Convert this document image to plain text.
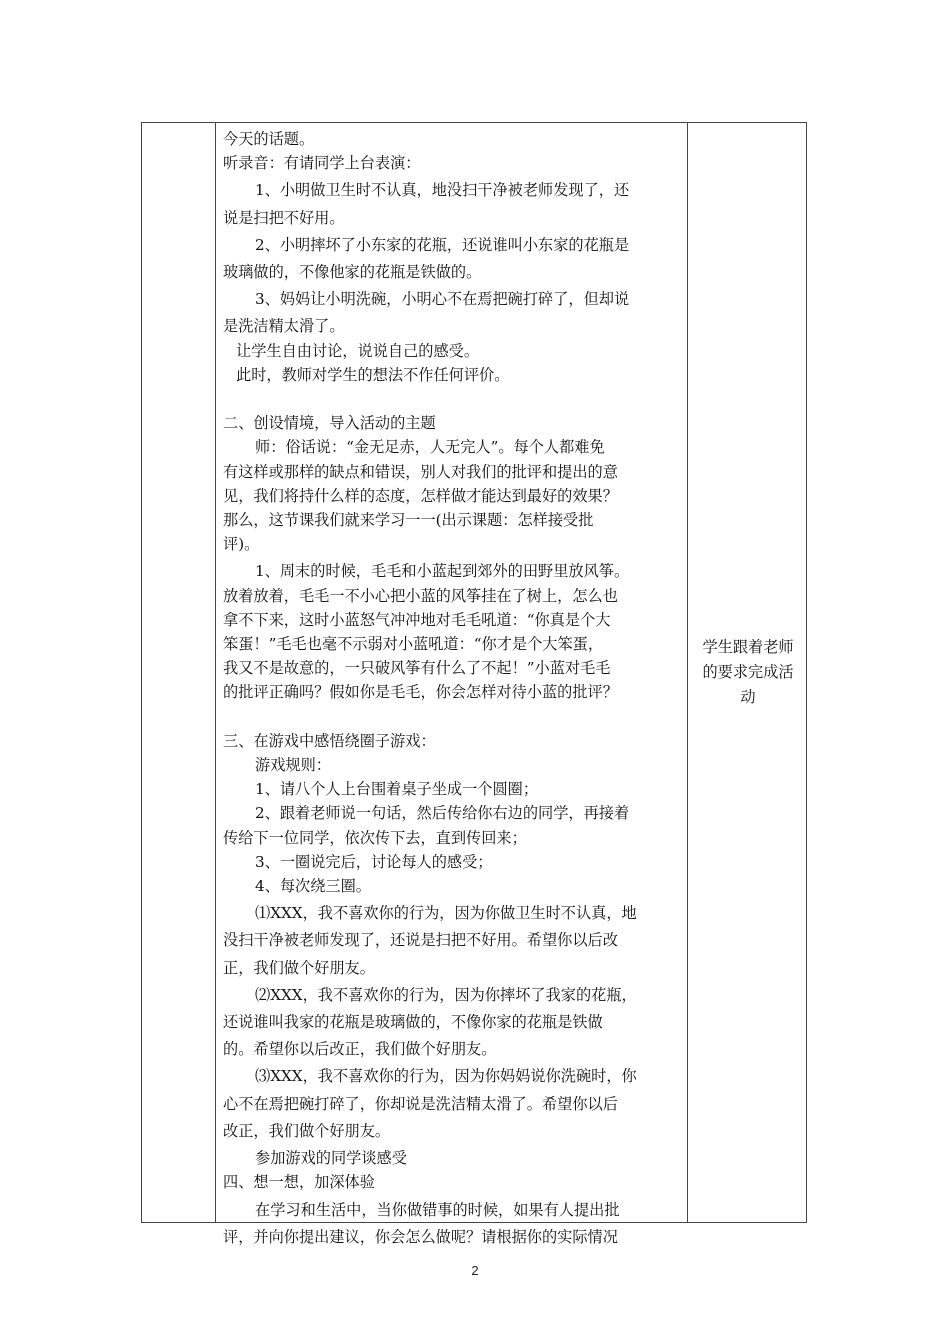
今天的话题。

听录音：有请同学上台表演：

1、小明做卫生时不认真，地没扫干净被老师发现了，还

说是扫把不好用。

2、小明摔坏了小东家的花瓶，还说谁叫小东家的花瓶是

玻璃做的，不像他家的花瓶是铁做的。

3、妈妈让小明洗碗，小明心不在焉把碗打碎了，但却说

是洗洁精太滑了。

让学生自由讨论，说说自己的感受。

此时，教师对学生的想法不作任何评价。

二、创设情境，导入活动的主题

师：俗话说：“金无足赤，人无完人”。每个人都难免

有这样或那样的缺点和错误，别人对我们的批评和提出的意

见，我们将持什么样的态度，怎样做才能达到最好的效果？

那么，这节课我们就来学习一一(出示课题：怎样接受批

评)。

1、周末的时候，毛毛和小蓝起到郊外的田野里放风筝。

放着放着，毛毛一不小心把小蓝的风筝挂在了树上，怎么也

拿不下来，这时小蓝怒气冲冲地对毛毛吼道：“你真是个大

笨蛋！”毛毛也毫不示弱对小蓝吼道：“你才是个大笨蛋，

我又不是故意的，一只破风筝有什么了不起！”小蓝对毛毛

的批评正确吗？假如你是毛毛，你会怎样对待小蓝的批评？

三、在游戏中感悟绕圈子游戏：

游戏规则：

1、请八个人上台围着桌子坐成一个圆圈；

2、跟着老师说一句话，然后传给你右边的同学，再接着

传给下一位同学，依次传下去，直到传回来；

3、一圈说完后，讨论每人的感受；

4、每次绕三圈。

⑴XXX，我不喜欢你的行为，因为你做卫生时不认真，地

没扫干净被老师发现了，还说是扫把不好用。希望你以后改

正，我们做个好朋友。

⑵XXX，我不喜欢你的行为，因为你摔坏了我家的花瓶，

还说谁叫我家的花瓶是玻璃做的，不像你家的花瓶是铁做

的。希望你以后改正，我们做个好朋友。

⑶XXX，我不喜欢你的行为，因为你妈妈说你洗碗时，你

心不在焉把碗打碎了，你却说是洗洁精太滑了。希望你以后

改正，我们做个好朋友。

参加游戏的同学谈感受

四、想一想，加深体验

在学习和生活中，当你做错事的时候，如果有人提出批

评，并向你提出建议，你会怎么做呢？请根据你的实际情况

学生跟着老师

的要求完成活

动

2
